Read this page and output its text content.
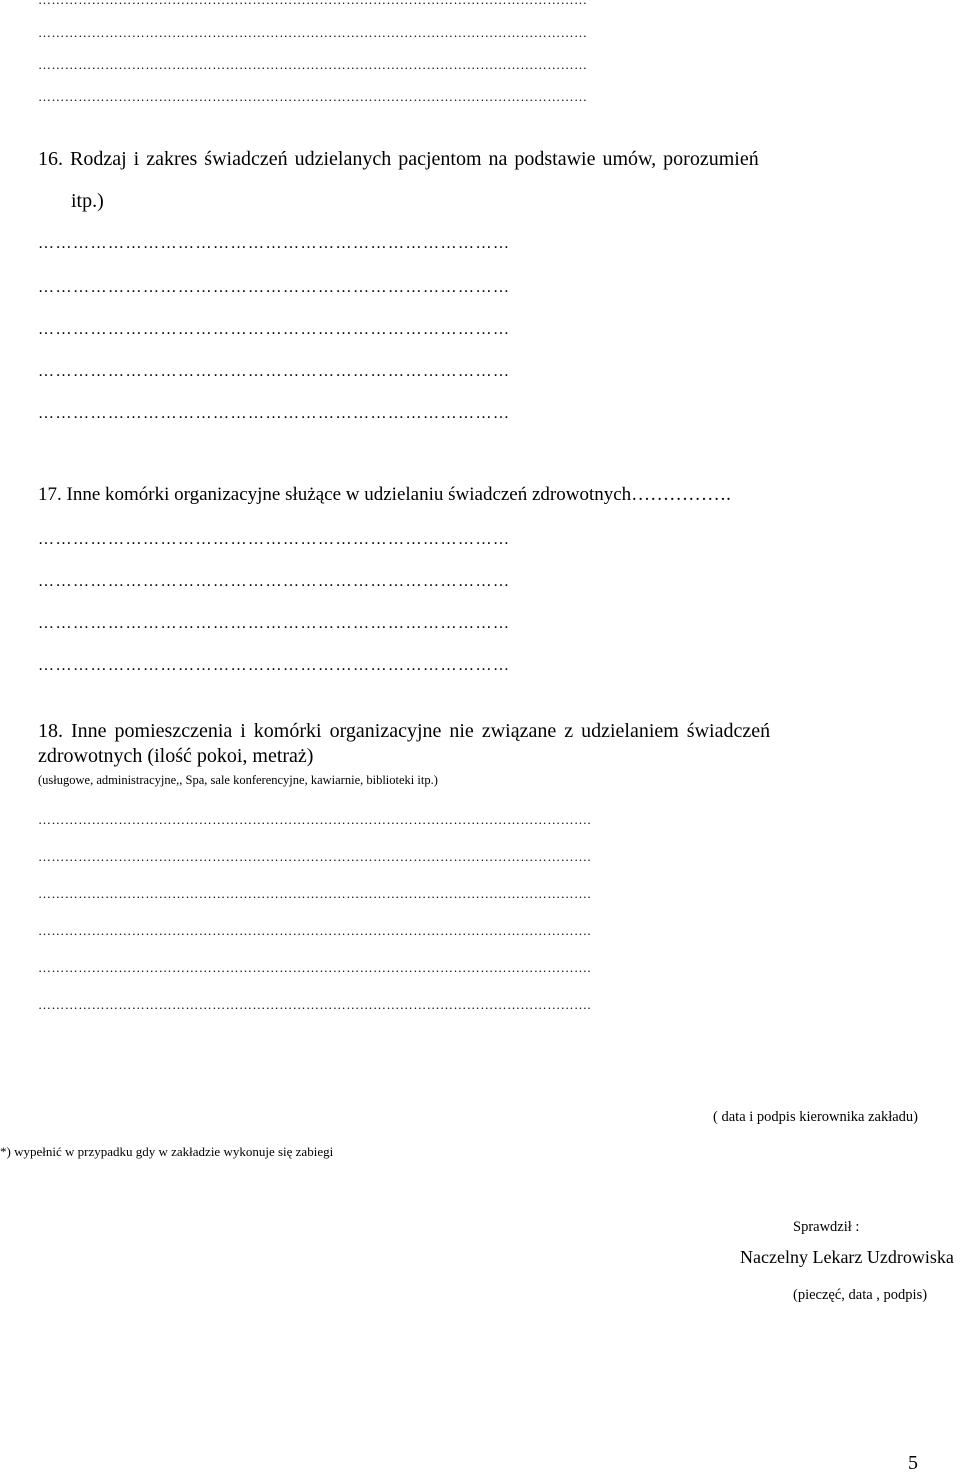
……………………………………………………………………………………………………………
……………………………………………………………………………………………………………
……………………………………………………………………………………………………………
16. Rodzaj i zakres świadczeń udzielanych pacjentom na podstawie umów, porozumień
itp.)
………………………………………………………………………
………………………………………………………………………
………………………………………………………………………
………………………………………………………………………
………………………………………………………………………
17. Inne komórki organizacyjne służące w udzielaniu świadczeń zdrowotnych…………….
………………………………………………………………………
………………………………………………………………………
………………………………………………………………………
………………………………………………………………………
18. Inne pomieszczenia i komórki organizacyjne nie związane z udzielaniem świadczeń
zdrowotnych (ilość pokoi, metraż)
(usługowe, administracyjne,, Spa, sale konferencyjne, kawiarnie, biblioteki itp.)
…………………………………………………………………………………………………………….
…………………………………………………………………………………………………………….
…………………………………………………………………………………………………………….
…………………………………………………………………………………………………………….
…………………………………………………………………………………………………………….
…………………………………………………………………………………………………………….
( data i podpis kierownika zakładu)
*) wypełnić w przypadku gdy w zakładzie wykonuje się zabiegi
Sprawdził :
Naczelny Lekarz Uzdrowiska
(pieczęć, data , podpis)
5
